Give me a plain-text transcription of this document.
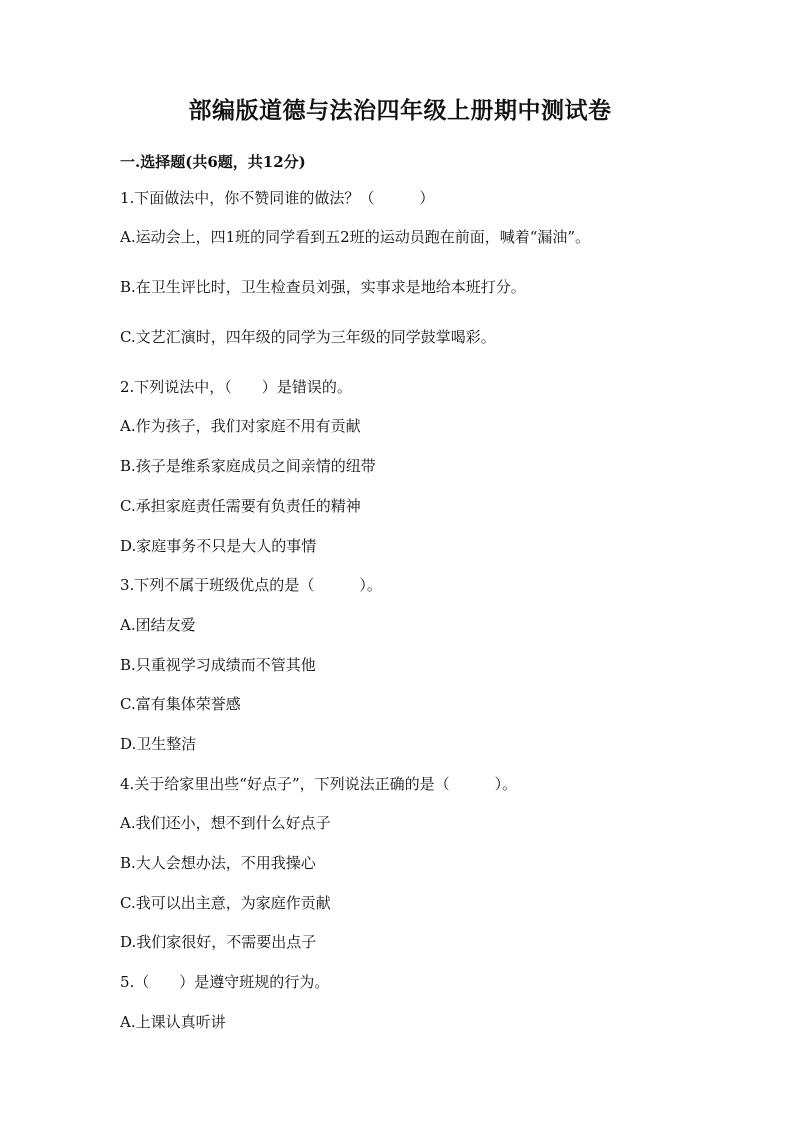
部编版道德与法治四年级上册期中测试卷
一.选择题(共6题，共12分)
1.下面做法中，你不赞同谁的做法？（　　　）
A.运动会上，四1班的同学看到五2班的运动员跑在前面，喊着“漏油”。
B.在卫生评比时，卫生检查员刘强，实事求是地给本班打分。
C.文艺汇演时，四年级的同学为三年级的同学鼓掌喝彩。
2.下列说法中，（　　）是错误的。
A.作为孩子，我们对家庭不用有贡献
B.孩子是维系家庭成员之间亲情的纽带
C.承担家庭责任需要有负责任的精神
D.家庭事务不只是大人的事情
3.下列不属于班级优点的是（　　　）。
A.团结友爱
B.只重视学习成绩而不管其他
C.富有集体荣誉感
D.卫生整洁
4.关于给家里出些“好点子”，下列说法正确的是（　　　）。
A.我们还小，想不到什么好点子
B.大人会想办法，不用我操心
C.我可以出主意，为家庭作贡献
D.我们家很好，不需要出点子
5.（　　）是遵守班规的行为。
A.上课认真听讲
